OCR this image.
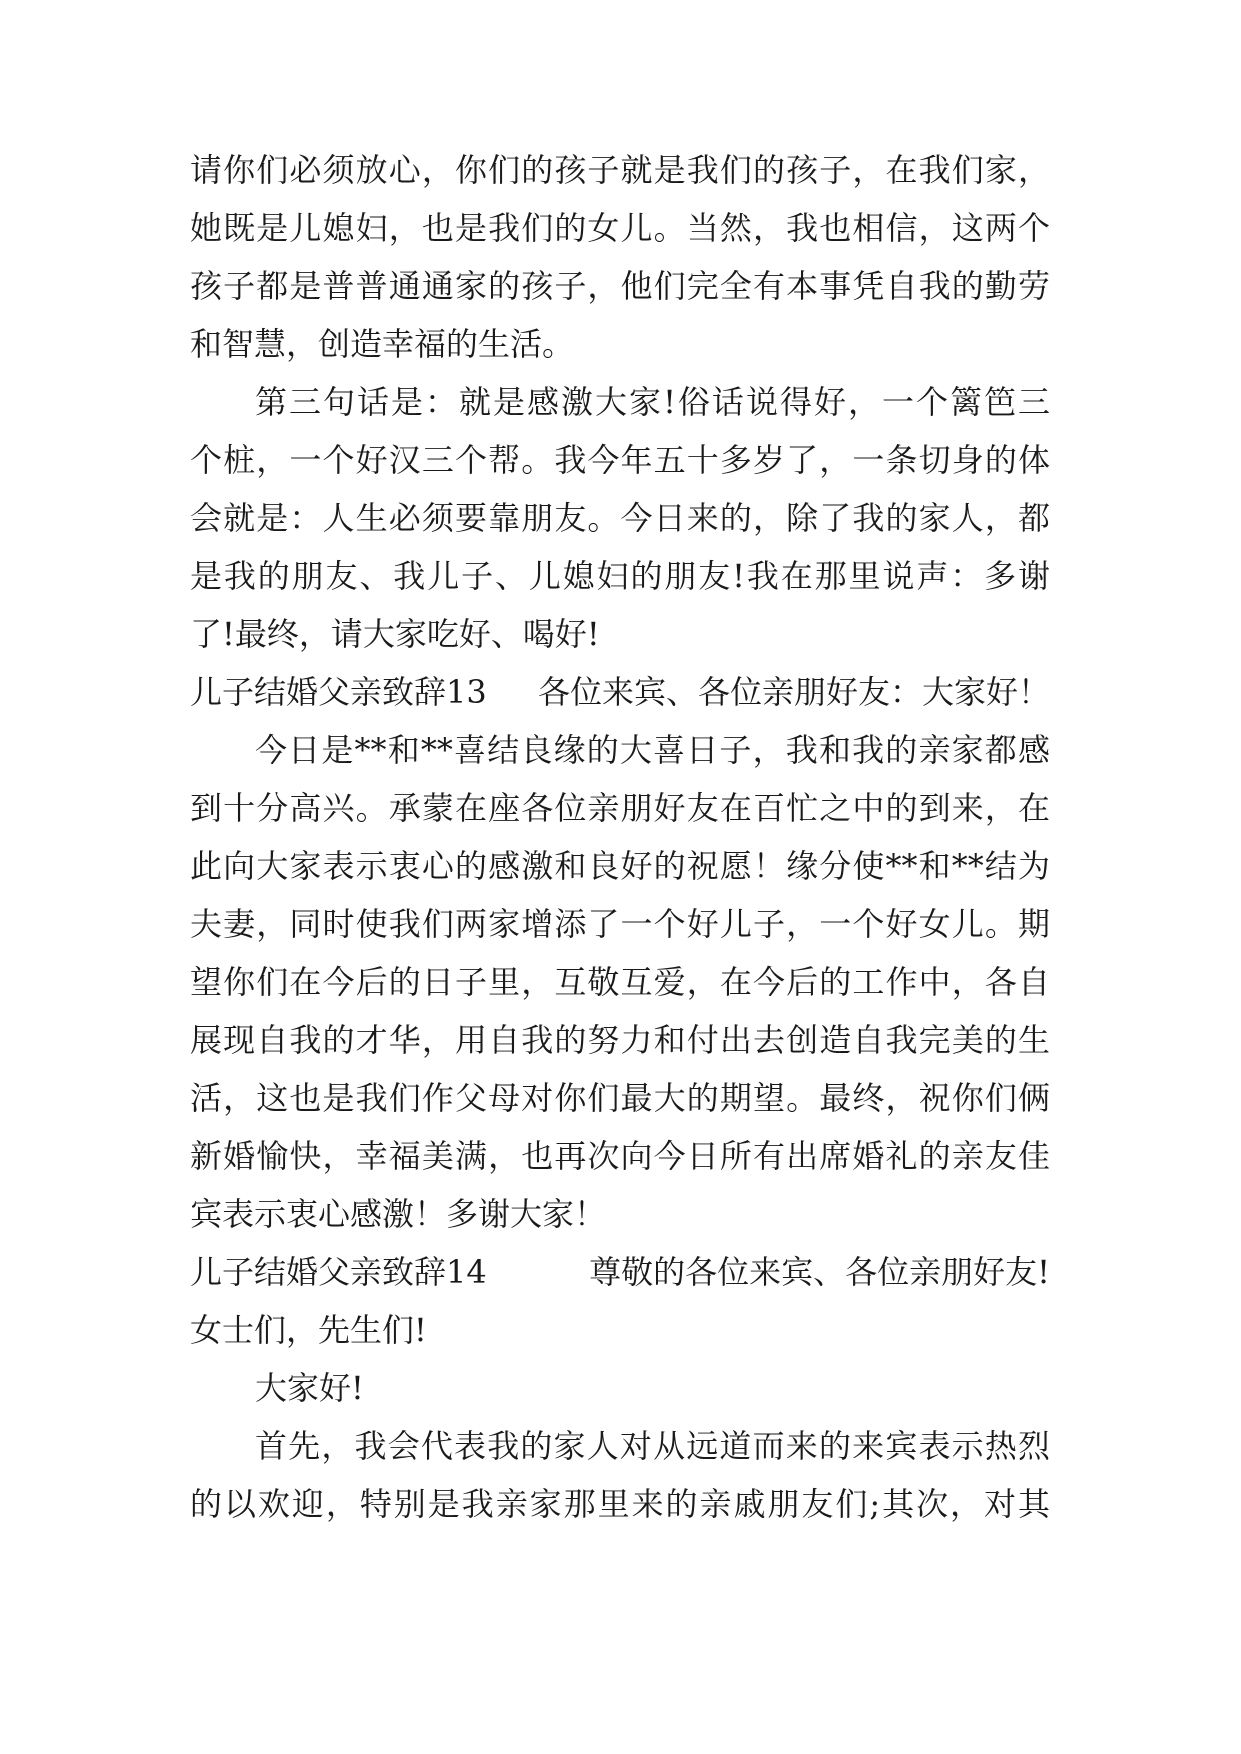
请你们必须放心，你们的孩子就是我们的孩子，在我们家，
她既是儿媳妇，也是我们的女儿。当然，我也相信，这两个
孩子都是普普通通家的孩子，他们完全有本事凭自我的勤劳
和智慧，创造幸福的生活。
第三句话是：就是感激大家!俗话说得好，一个篱笆三
个桩，一个好汉三个帮。我今年五十多岁了，一条切身的体
会就是：人生必须要靠朋友。今日来的，除了我的家人，都
是我的朋友、我儿子、儿媳妇的朋友!我在那里说声：多谢
了!最终，请大家吃好、喝好!
儿子结婚父亲致辞13 各位来宾、各位亲朋好友：大家好！
今日是**和**喜结良缘的大喜日子，我和我的亲家都感
到十分高兴。承蒙在座各位亲朋好友在百忙之中的到来，在
此向大家表示衷心的感激和良好的祝愿！缘分使**和**结为
夫妻，同时使我们两家增添了一个好儿子，一个好女儿。期
望你们在今后的日子里，互敬互爱，在今后的工作中，各自
展现自我的才华，用自我的努力和付出去创造自我完美的生
活，这也是我们作父母对你们最大的期望。最终，祝你们俩
新婚愉快，幸福美满，也再次向今日所有出席婚礼的亲友佳
宾表示衷心感激！多谢大家！
儿子结婚父亲致辞14	尊敬的各位来宾、各位亲朋好友!
女士们，先生们!
大家好!
首先，我会代表我的家人对从远道而来的来宾表示热烈
的以欢迎，特别是我亲家那里来的亲戚朋友们;其次，对其
